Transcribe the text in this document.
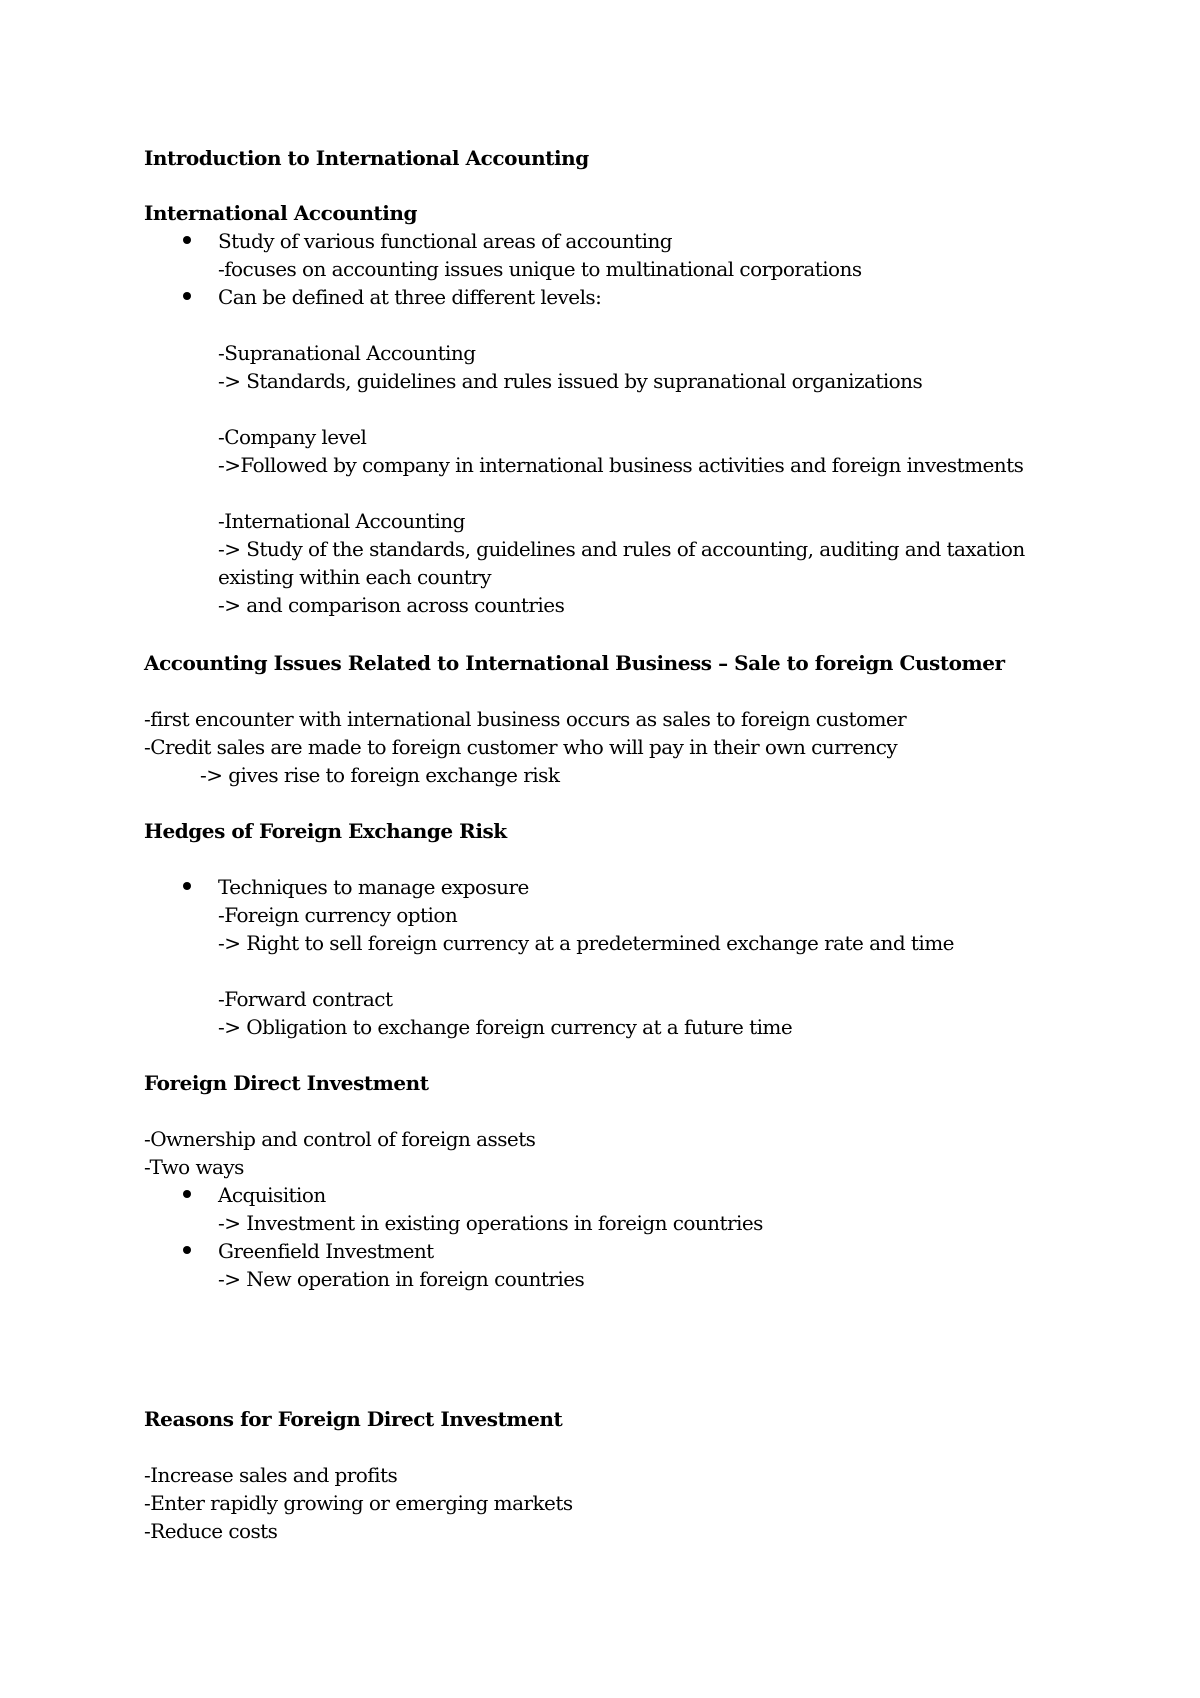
Introduction to International Accounting
International Accounting
Study of various functional areas of accounting
-focuses on accounting issues unique to multinational corporations
Can be defined at three different levels:
-Supranational Accounting
-> Standards, guidelines and rules issued by supranational organizations
-Company level
->Followed by company in international business activities and foreign investments
-International Accounting
-> Study of the standards, guidelines and rules of accounting, auditing and taxation
existing within each country
-> and comparison across countries
Accounting Issues Related to International Business – Sale to foreign Customer
-first encounter with international business occurs as sales to foreign customer
-Credit sales are made to foreign customer who will pay in their own currency
-> gives rise to foreign exchange risk
Hedges of Foreign Exchange Risk
Techniques to manage exposure
-Foreign currency option
-> Right to sell foreign currency at a predetermined exchange rate and time
-Forward contract
-> Obligation to exchange foreign currency at a future time
Foreign Direct Investment
-Ownership and control of foreign assets
-Two ways
Acquisition
-> Investment in existing operations in foreign countries
Greenfield Investment
-> New operation in foreign countries
Reasons for Foreign Direct Investment
-Increase sales and profits
-Enter rapidly growing or emerging markets
-Reduce costs
